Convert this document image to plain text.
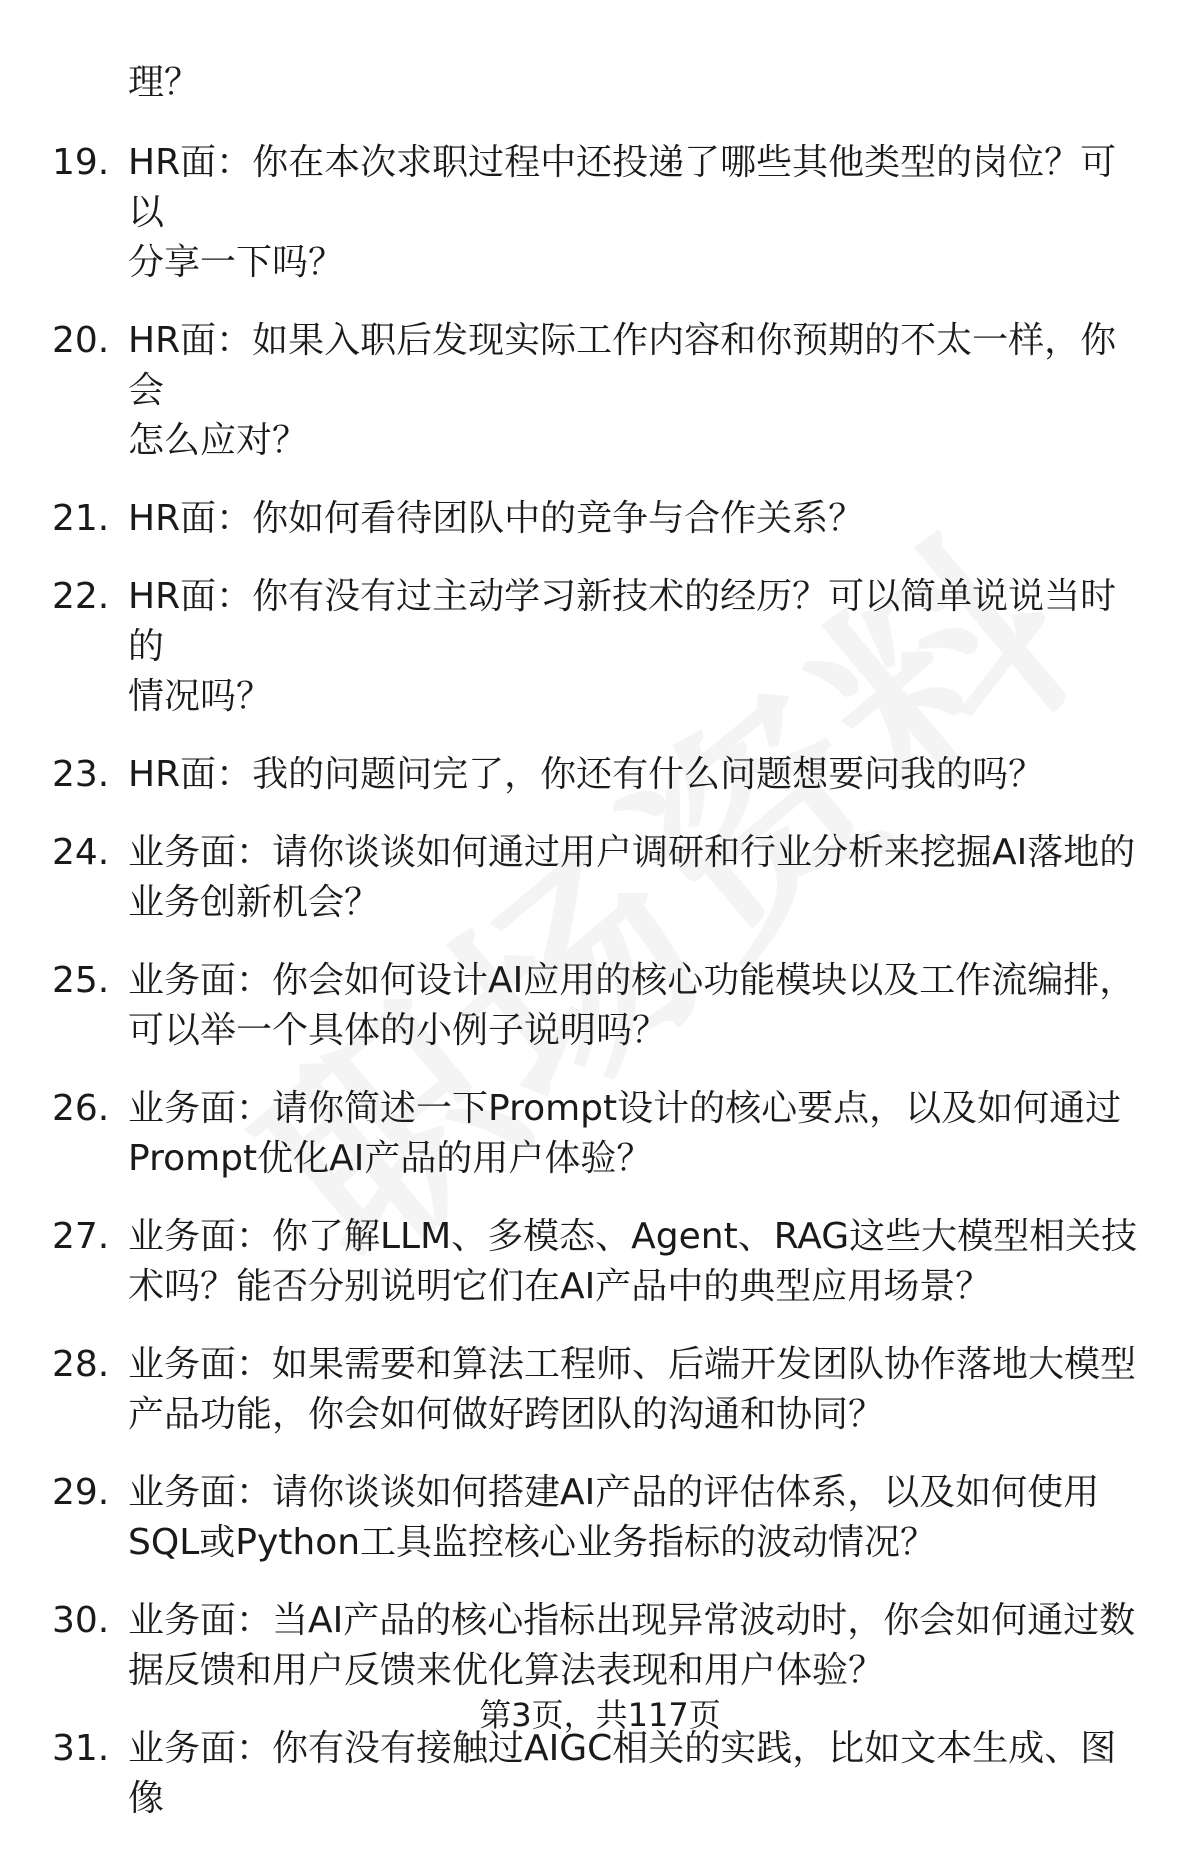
理？
19. HR面：你在本次求职过程中还投递了哪些其他类型的岗位？可以
分享一下吗？
20. HR面：如果入职后发现实际工作内容和你预期的不太一样，你会
怎么应对？
21. HR面：你如何看待团队中的竞争与合作关系？
22. HR面：你有没有过主动学习新技术的经历？可以简单说说当时的
情况吗？
23. HR面：我的问题问完了，你还有什么问题想要问我的吗？
24. 业务面：请你谈谈如何通过用户调研和行业分析来挖掘AI落地的
业务创新机会？
25. 业务面：你会如何设计AI应用的核心功能模块以及工作流编排，
可以举一个具体的小例子说明吗？
26. 业务面：请你简述一下Prompt设计的核心要点，以及如何通过
Prompt优化AI产品的用户体验？
27. 业务面：你了解LLM、多模态、Agent、RAG这些大模型相关技
术吗？能否分别说明它们在AI产品中的典型应用场景？
28. 业务面：如果需要和算法工程师、后端开发团队协作落地大模型
产品功能，你会如何做好跨团队的沟通和协同？
29. 业务面：请你谈谈如何搭建AI产品的评估体系，以及如何使用
SQL或Python工具监控核心业务指标的波动情况？
30. 业务面：当AI产品的核心指标出现异常波动时，你会如何通过数
据反馈和用户反馈来优化算法表现和用户体验？
31. 业务面：你有没有接触过AIGC相关的实践，比如文本生成、图像
第3页，共117页
